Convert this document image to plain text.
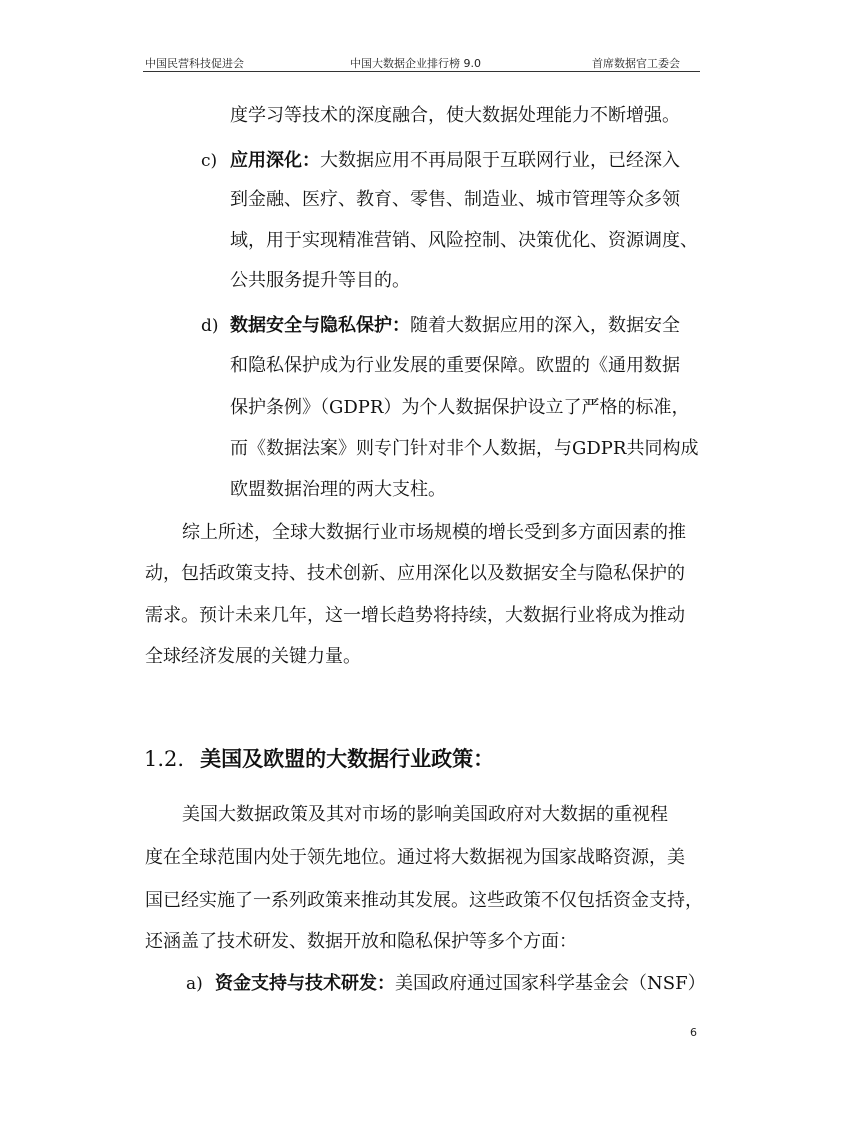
中国民营科技促进会	中国大数据企业排行榜 9.0	首席数据官工委会
度学习等技术的深度融合，使大数据处理能力不断增强。
c) 应用深化：大数据应用不再局限于互联网行业，已经深入
到金融、医疗、教育、零售、制造业、城市管理等众多领
域，用于实现精准营销、风险控制、决策优化、资源调度、
公共服务提升等目的。
d) 数据安全与隐私保护：随着大数据应用的深入，数据安全
和隐私保护成为行业发展的重要保障。欧盟的《通用数据
保护条例》（GDPR）为个人数据保护设立了严格的标准，
而《数据法案》则专门针对非个人数据，与GDPR共同构成
欧盟数据治理的两大支柱。
综上所述，全球大数据行业市场规模的增长受到多方面因素的推
动，包括政策支持、技术创新、应用深化以及数据安全与隐私保护的
需求。预计未来几年，这一增长趋势将持续，大数据行业将成为推动
全球经济发展的关键力量。
1.2. 美国及欧盟的大数据行业政策：
美国大数据政策及其对市场的影响美国政府对大数据的重视程
度在全球范围内处于领先地位。通过将大数据视为国家战略资源，美
国已经实施了一系列政策来推动其发展。这些政策不仅包括资金支持，
还涵盖了技术研发、数据开放和隐私保护等多个方面：
a) 资金支持与技术研发：美国政府通过国家科学基金会（NSF）
6
